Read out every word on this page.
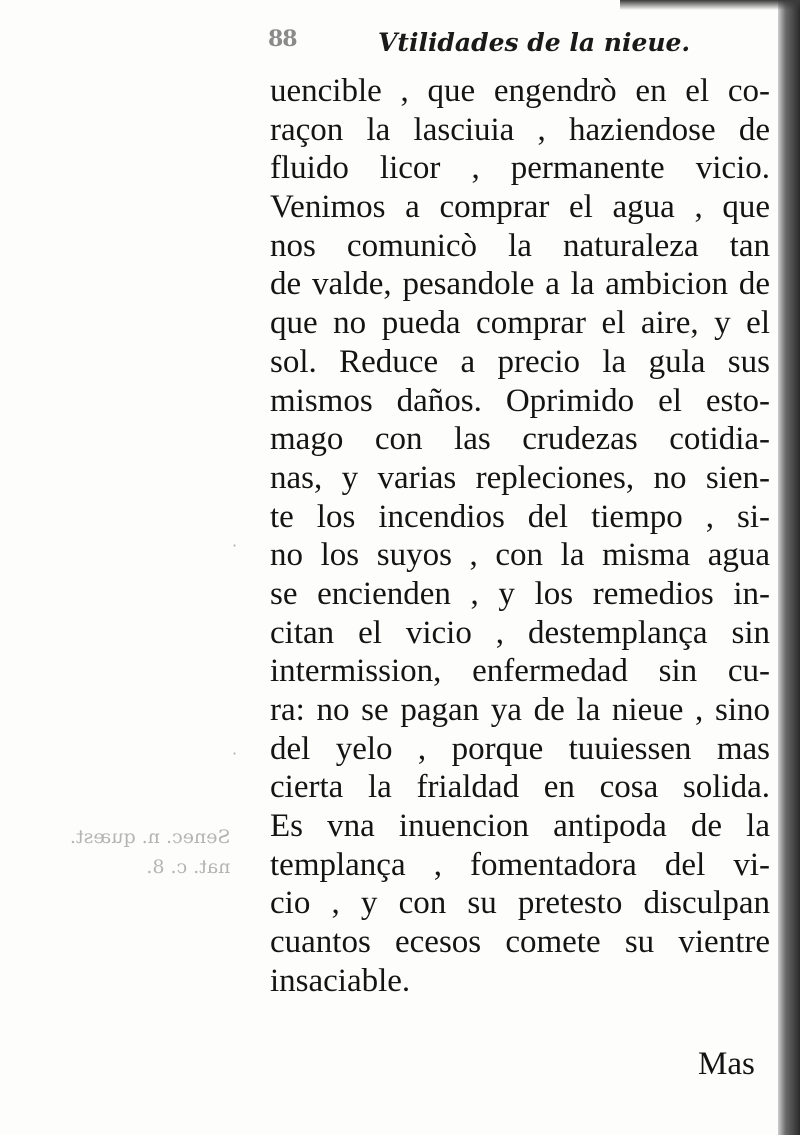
88	Vtilidades de la nieue.
uencible , que engendrò en el co-
raçon la lasciuia , haziendose de
fluido licor , permanente vicio.
Venimos a comprar el agua , que
nos comunicò la naturaleza tan
de valde, pesandole a la ambicion de
que no pueda comprar el aire, y el
sol. Reduce a precio la gula sus
mismos daños. Oprimido el esto-
mago con las crudezas cotidia-
nas, y varias repleciones, no sien-
te los incendios del tiempo , si-
no los suyos , con la misma agua
se encienden , y los remedios in-
citan el vicio , destemplança sin
intermission, enfermedad sin cu-
ra: no se pagan ya de la nieue , sino
del yelo , porque tuuiessen mas
cierta la frialdad en cosa solida.
Es vna inuencion antipoda de la
templança , fomentadora del vi-
cio , y con su pretesto disculpan
cuantos ecesos comete su vientre
insaciable.
Mas
Senec. n. quæst.
nat. c. 8.
·
·
